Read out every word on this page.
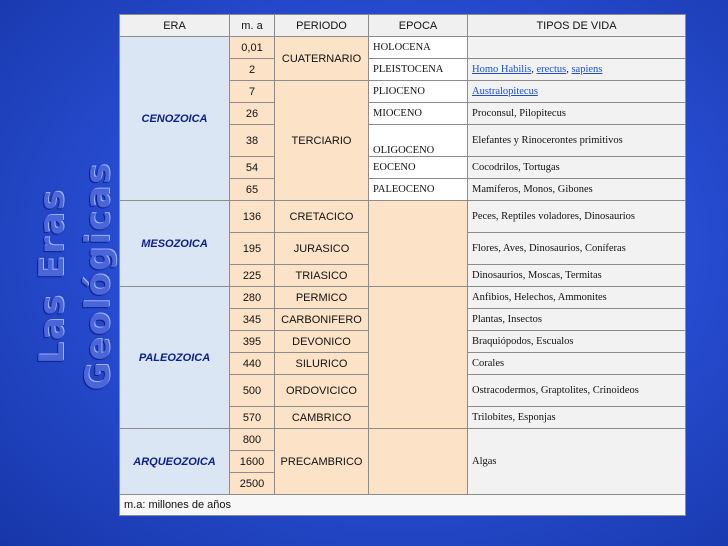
Las Eras Geológicas
ERA	m. a	PERIODO	EPOCA	TIPOS DE VIDA
CENOZOICA	0,01	CUATERNARIO	HOLOCENA	
	2		PLEISTOCENA	Homo Habilis, erectus, sapiens
	7	TERCIARIO	PLIOCENO	Australopitecus
	26		MIOCENO	Proconsul, Pilopitecus
	38		OLIGOCENO	Elefantes y Rinocerontes primitivos
	54		EOCENO	Cocodrilos, Tortugas
	65		PALEOCENO	Mamíferos, Monos, Gibones
MESOZOICA	136	CRETACICO		Peces, Reptiles voladores, Dinosaurios
	195	JURASICO		Flores, Aves, Dinosaurios, Coníferas
	225	TRIASICO		Dinosaurios, Moscas, Termitas
PALEOZOICA	280	PERMICO		Anfibios, Helechos, Ammonites
	345	CARBONIFERO		Plantas, Insectos
	395	DEVONICO		Braquiópodos, Escualos
	440	SILURICO		Corales
	500	ORDOVICICO		Ostracodermos, Graptolites, Crinoideos
	570	CAMBRICO		Trilobites, Esponjas
ARQUEOZOICA	800	PRECAMBRICO		Algas
	1600			
	2500			
m.a: millones de años				
